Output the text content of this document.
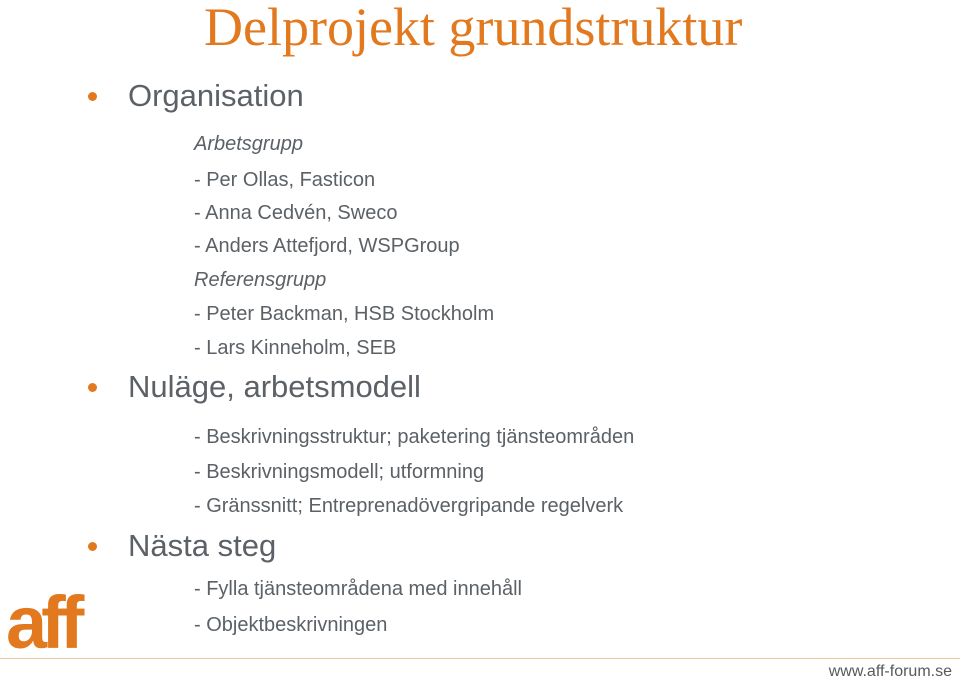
Delprojekt grundstruktur
Organisation
Arbetsgrupp
- Per Ollas, Fasticon
- Anna Cedvén, Sweco
- Anders Attefjord, WSPGroup
Referensgrupp
- Peter Backman, HSB Stockholm
- Lars Kinneholm, SEB
Nuläge, arbetsmodell
- Beskrivningsstruktur; paketering tjänsteområden
- Beskrivningsmodell; utformning
- Gränssnitt; Entreprenadövergripande regelverk
Nästa steg
- Fylla tjänsteområdena med innehåll
- Objektbeskrivningen
aff
www.aff-forum.se
